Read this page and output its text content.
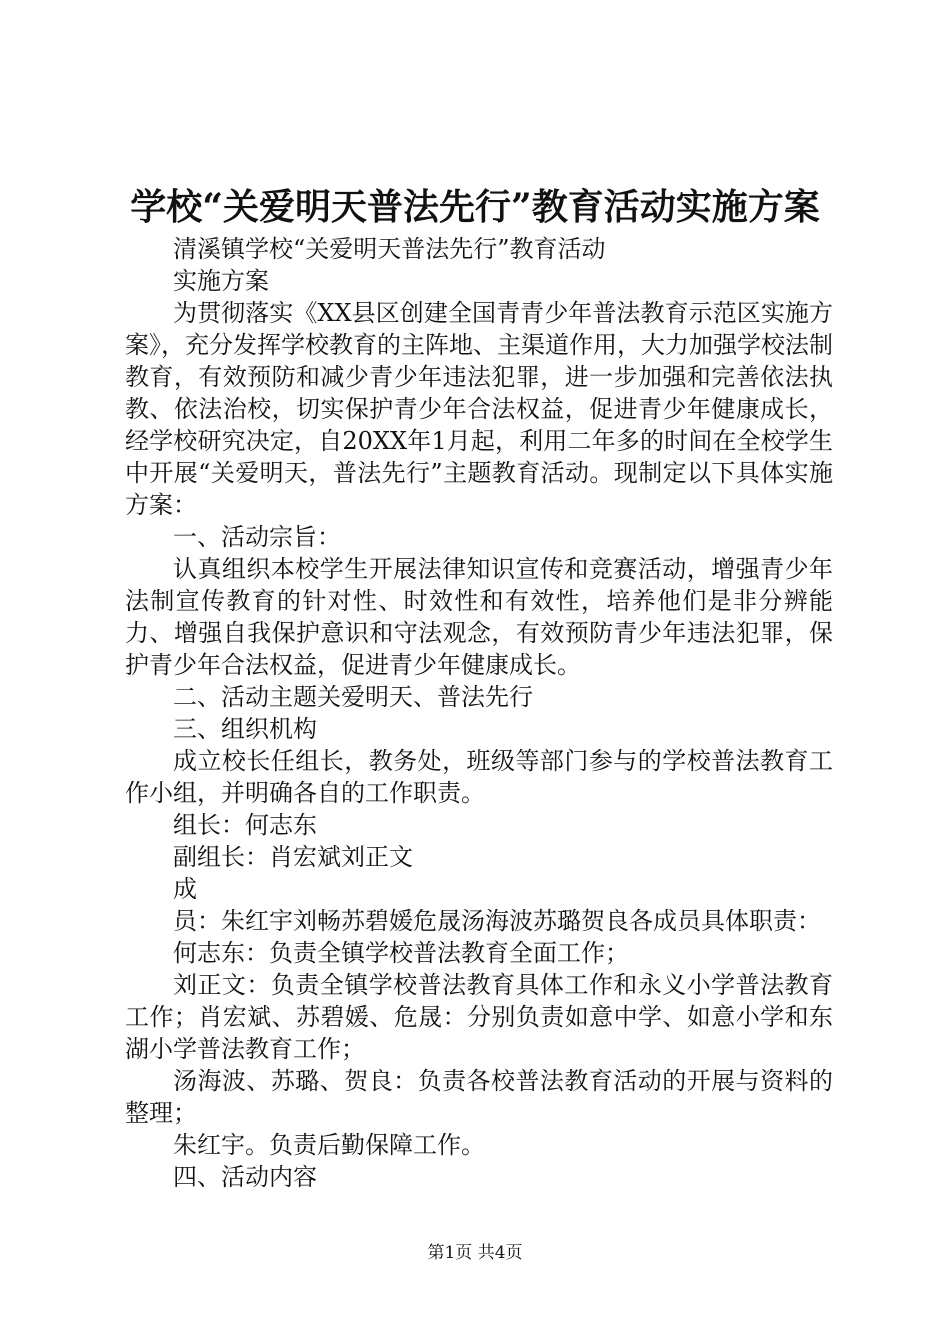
学校“关爱明天普法先行”教育活动实施方案

清溪镇学校“关爱明天普法先行”教育活动

实施方案

为贯彻落实《XX县区创建全国青青少年普法教育示范区实施方案》，充分发挥学校教育的主阵地、主渠道作用，大力加强学校法制教育，有效预防和减少青少年违法犯罪，进一步加强和完善依法执教、依法治校，切实保护青少年合法权益，促进青少年健康成长，经学校研究决定，自20XX年1月起，利用二年多的时间在全校学生中开展“关爱明天，普法先行”主题教育活动。现制定以下具体实施方案：

一、活动宗旨：

认真组织本校学生开展法律知识宣传和竞赛活动，增强青少年法制宣传教育的针对性、时效性和有效性，培养他们是非分辨能力、增强自我保护意识和守法观念，有效预防青少年违法犯罪，保护青少年合法权益，促进青少年健康成长。

二、活动主题关爱明天、普法先行

三、组织机构

成立校长任组长，教务处，班级等部门参与的学校普法教育工作小组，并明确各自的工作职责。

组长：何志东

副组长：肖宏斌刘正文

成

员：朱红宇刘畅苏碧媛危晟汤海波苏璐贺良各成员具体职责：

何志东：负责全镇学校普法教育全面工作；

刘正文：负责全镇学校普法教育具体工作和永义小学普法教育工作；肖宏斌、苏碧媛、危晟：分别负责如意中学、如意小学和东湖小学普法教育工作；

汤海波、苏璐、贺良：负责各校普法教育活动的开展与资料的整理；

朱红宇。负责后勤保障工作。

四、活动内容

第1页 共4页
